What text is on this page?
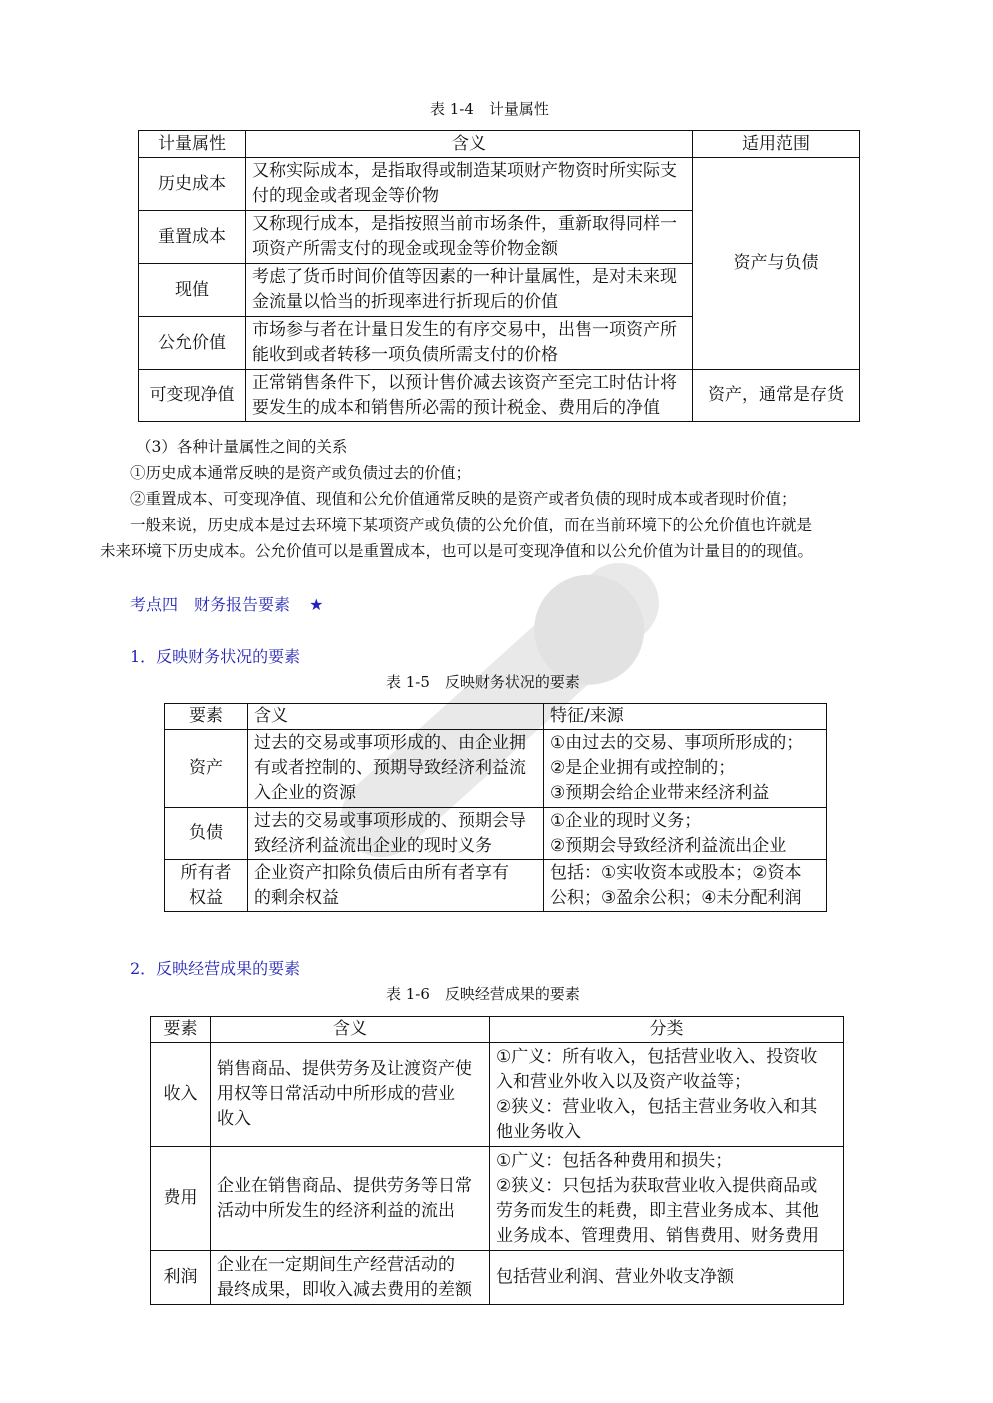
表 1-4　计量属性
计量属性	含义	适用范围
历史成本	又称实际成本，是指取得或制造某项财产物资时所实际支
付的现金或者现金等价物	资产与负债
重置成本	又称现行成本，是指按照当前市场条件，重新取得同样一
项资产所需支付的现金或现金等价物金额	
现值	考虑了货币时间价值等因素的一种计量属性，是对未来现
金流量以恰当的折现率进行折现后的价值	
公允价值	市场参与者在计量日发生的有序交易中，出售一项资产所
能收到或者转移一项负债所需支付的价格	
可变现净值	正常销售条件下，以预计售价减去该资产至完工时估计将
要发生的成本和销售所必需的预计税金、费用后的净值	资产，通常是存货
（3）各种计量属性之间的关系
①历史成本通常反映的是资产或负债过去的价值；
②重置成本、可变现净值、现值和公允价值通常反映的是资产或者负债的现时成本或者现时价值；
一般来说，历史成本是过去环境下某项资产或负债的公允价值，而在当前环境下的公允价值也许就是
未来环境下历史成本。公允价值可以是重置成本，也可以是可变现净值和以公允价值为计量目的的现值。
考点四　财务报告要素 ★
1．反映财务状况的要素
表 1-5　反映财务状况的要素
要素	含义	特征/来源
资产	过去的交易或事项形成的、由企业拥
有或者控制的、预期导致经济利益流
入企业的资源	①由过去的交易、事项所形成的；
②是企业拥有或控制的；
③预期会给企业带来经济利益
负债	过去的交易或事项形成的、预期会导
致经济利益流出企业的现时义务	①企业的现时义务；
②预期会导致经济利益流出企业
所有者
权益	企业资产扣除负债后由所有者享有
的剩余权益	包括：①实收资本或股本；②资本
公积；③盈余公积；④未分配利润
2．反映经营成果的要素
表 1-6　反映经营成果的要素
要素	含义	分类
收入	销售商品、提供劳务及让渡资产使
用权等日常活动中所形成的营业
收入	①广义：所有收入，包括营业收入、投资收
入和营业外收入以及资产收益等；
②狭义：营业收入，包括主营业务收入和其
他业务收入
费用	企业在销售商品、提供劳务等日常
活动中所发生的经济利益的流出	①广义：包括各种费用和损失；
②狭义：只包括为获取营业收入提供商品或
劳务而发生的耗费，即主营业务成本、其他
业务成本、管理费用、销售费用、财务费用
利润	企业在一定期间生产经营活动的
最终成果，即收入减去费用的差额	包括营业利润、营业外收支净额
